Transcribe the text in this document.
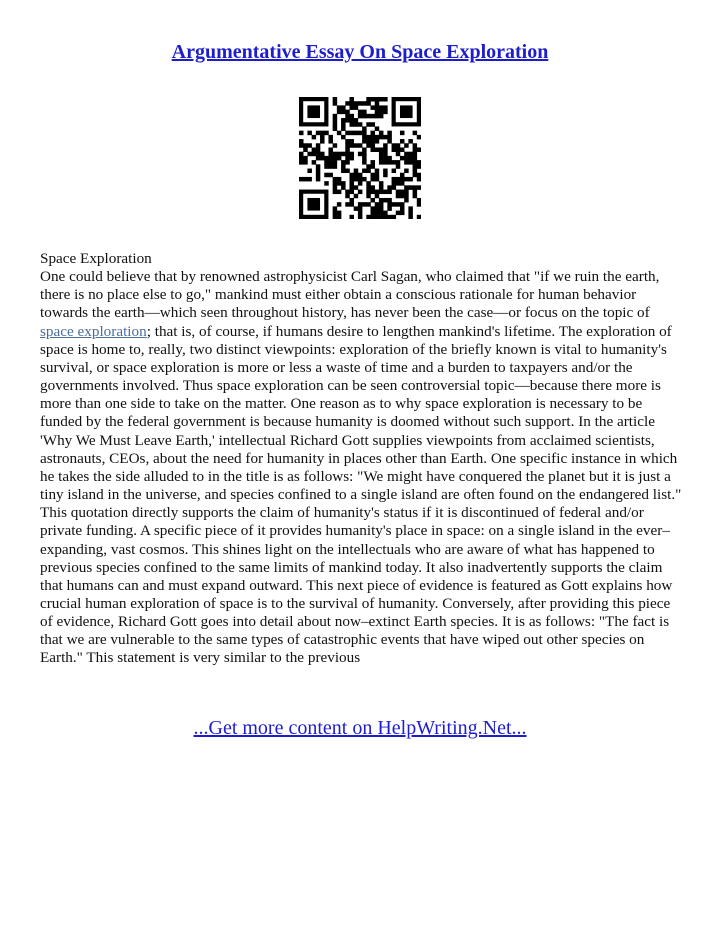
Argumentative Essay On Space Exploration

Space Exploration
One could believe that by renowned astrophysicist Carl Sagan, who claimed that "if we ruin the earth, there is no place else to go," mankind must either obtain a conscious rationale for human behavior towards the earth—which seen throughout history, has never been the case—or focus on the topic of space exploration; that is, of course, if humans desire to lengthen mankind's lifetime. The exploration of space is home to, really, two distinct viewpoints: exploration of the briefly known is vital to humanity's survival, or space exploration is more or less a waste of time and a burden to taxpayers and/or the governments involved. Thus space exploration can be seen controversial topic—because there more is more than one side to take on the matter. One reason as to why space exploration is necessary to be funded by the federal government is because humanity is doomed without such support. In the article 'Why We Must Leave Earth,' intellectual Richard Gott supplies viewpoints from acclaimed scientists, astronauts, CEOs, about the need for humanity in places other than Earth. One specific instance in which he takes the side alluded to in the title is as follows: "We might have conquered the planet but it is just a tiny island in the universe, and species confined to a single island are often found on the endangered list." This quotation directly supports the claim of humanity's status if it is discontinued of federal and/or private funding. A specific piece of it provides humanity's place in space: on a single island in the ever–expanding, vast cosmos. This shines light on the intellectuals who are aware of what has happened to previous species confined to the same limits of mankind today. It also inadvertently supports the claim that humans can and must expand outward. This next piece of evidence is featured as Gott explains how crucial human exploration of space is to the survival of humanity. Conversely, after providing this piece of evidence, Richard Gott goes into detail about now–extinct Earth species. It is as follows: "The fact is that we are vulnerable to the same types of catastrophic events that have wiped out other species on Earth." This statement is very similar to the previous

...Get more content on HelpWriting.Net...
